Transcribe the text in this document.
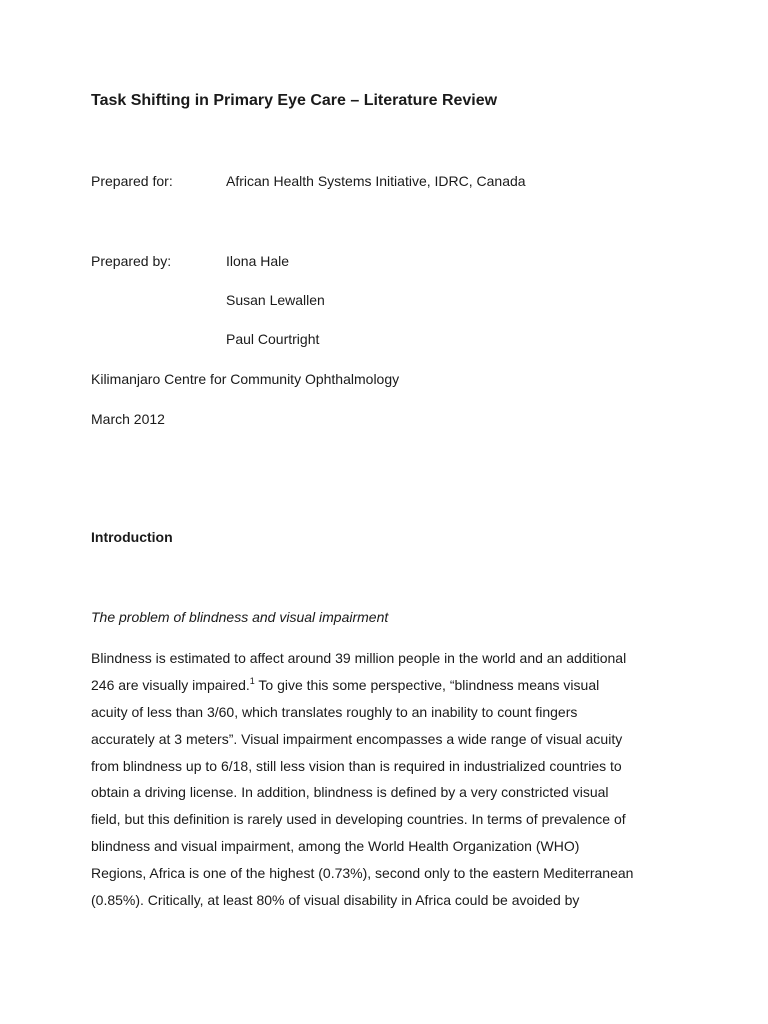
Task Shifting in Primary Eye Care – Literature Review
Prepared for:	African Health Systems Initiative, IDRC, Canada
Prepared by:	Ilona Hale
Susan Lewallen
Paul Courtright
Kilimanjaro Centre for Community Ophthalmology
March 2012
Introduction
The problem of blindness and visual impairment
Blindness is estimated to affect around 39 million people in the world and an additional
246 are visually impaired.$^1$ To give this some perspective, “blindness means visual
acuity of less than 3/60, which translates roughly to an inability to count fingers
accurately at 3 meters”. Visual impairment encompasses a wide range of visual acuity
from blindness up to 6/18, still less vision than is required in industrialized countries to
obtain a driving license. In addition, blindness is defined by a very constricted visual
field, but this definition is rarely used in developing countries. In terms of prevalence of
blindness and visual impairment, among the World Health Organization (WHO)
Regions, Africa is one of the highest (0.73%), second only to the eastern Mediterranean
(0.85%). Critically, at least 80% of visual disability in Africa could be avoided by
